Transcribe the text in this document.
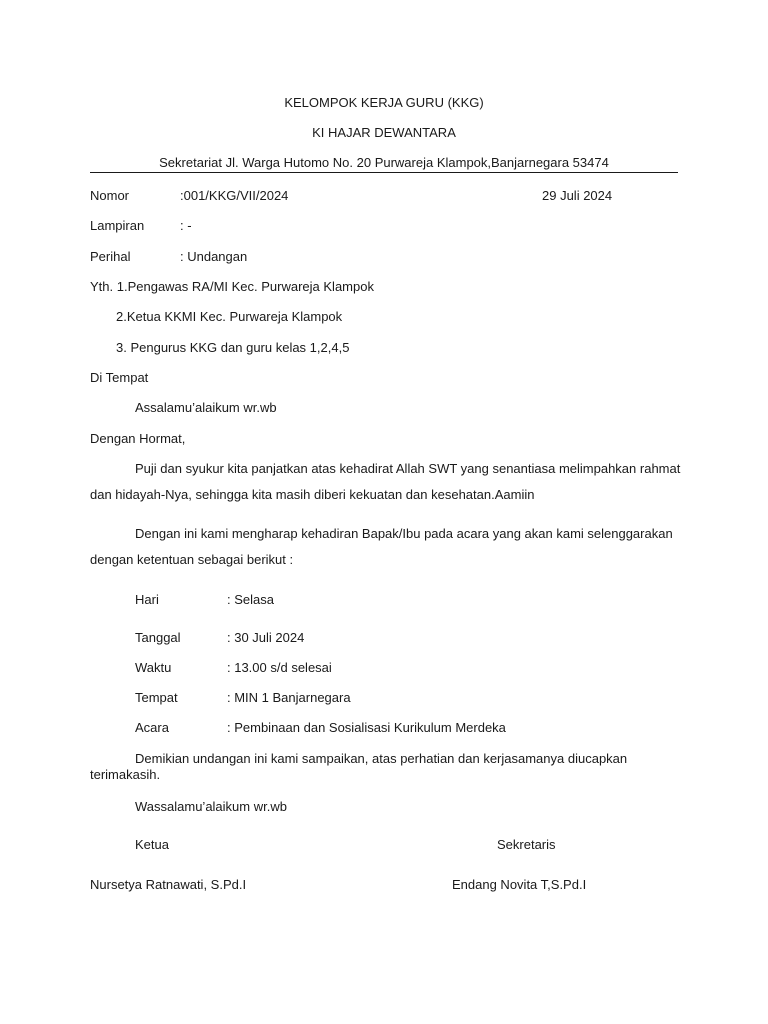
KELOMPOK KERJA GURU (KKG)
KI HAJAR DEWANTARA
Sekretariat Jl. Warga Hutomo No. 20 Purwareja Klampok,Banjarnegara 53474
Nomor	:001/KKG/VII/2024	29 Juli 2024
Lampiran	: -
Perihal	: Undangan
Yth. 1.Pengawas RA/MI Kec. Purwareja Klampok
2.Ketua KKMI Kec. Purwareja Klampok
3. Pengurus KKG dan guru kelas 1,2,4,5
Di Tempat
Assalamu’alaikum wr.wb
Dengan Hormat,
Puji dan syukur kita panjatkan atas kehadirat Allah SWT yang senantiasa melimpahkan rahmat
dan hidayah-Nya, sehingga kita masih diberi kekuatan dan kesehatan.Aamiin
Dengan ini kami mengharap kehadiran Bapak/Ibu pada acara yang akan kami selenggarakan
dengan ketentuan sebagai berikut :
Hari	: Selasa
Tanggal	: 30 Juli 2024
Waktu	: 13.00 s/d selesai
Tempat	: MIN 1 Banjarnegara
Acara	: Pembinaan dan Sosialisasi Kurikulum Merdeka
Demikian undangan ini kami sampaikan, atas perhatian dan kerjasamanya diucapkan
terimakasih.
Wassalamu’alaikum wr.wb
Ketua	Sekretaris
Nursetya Ratnawati, S.Pd.I	Endang Novita T,S.Pd.I
